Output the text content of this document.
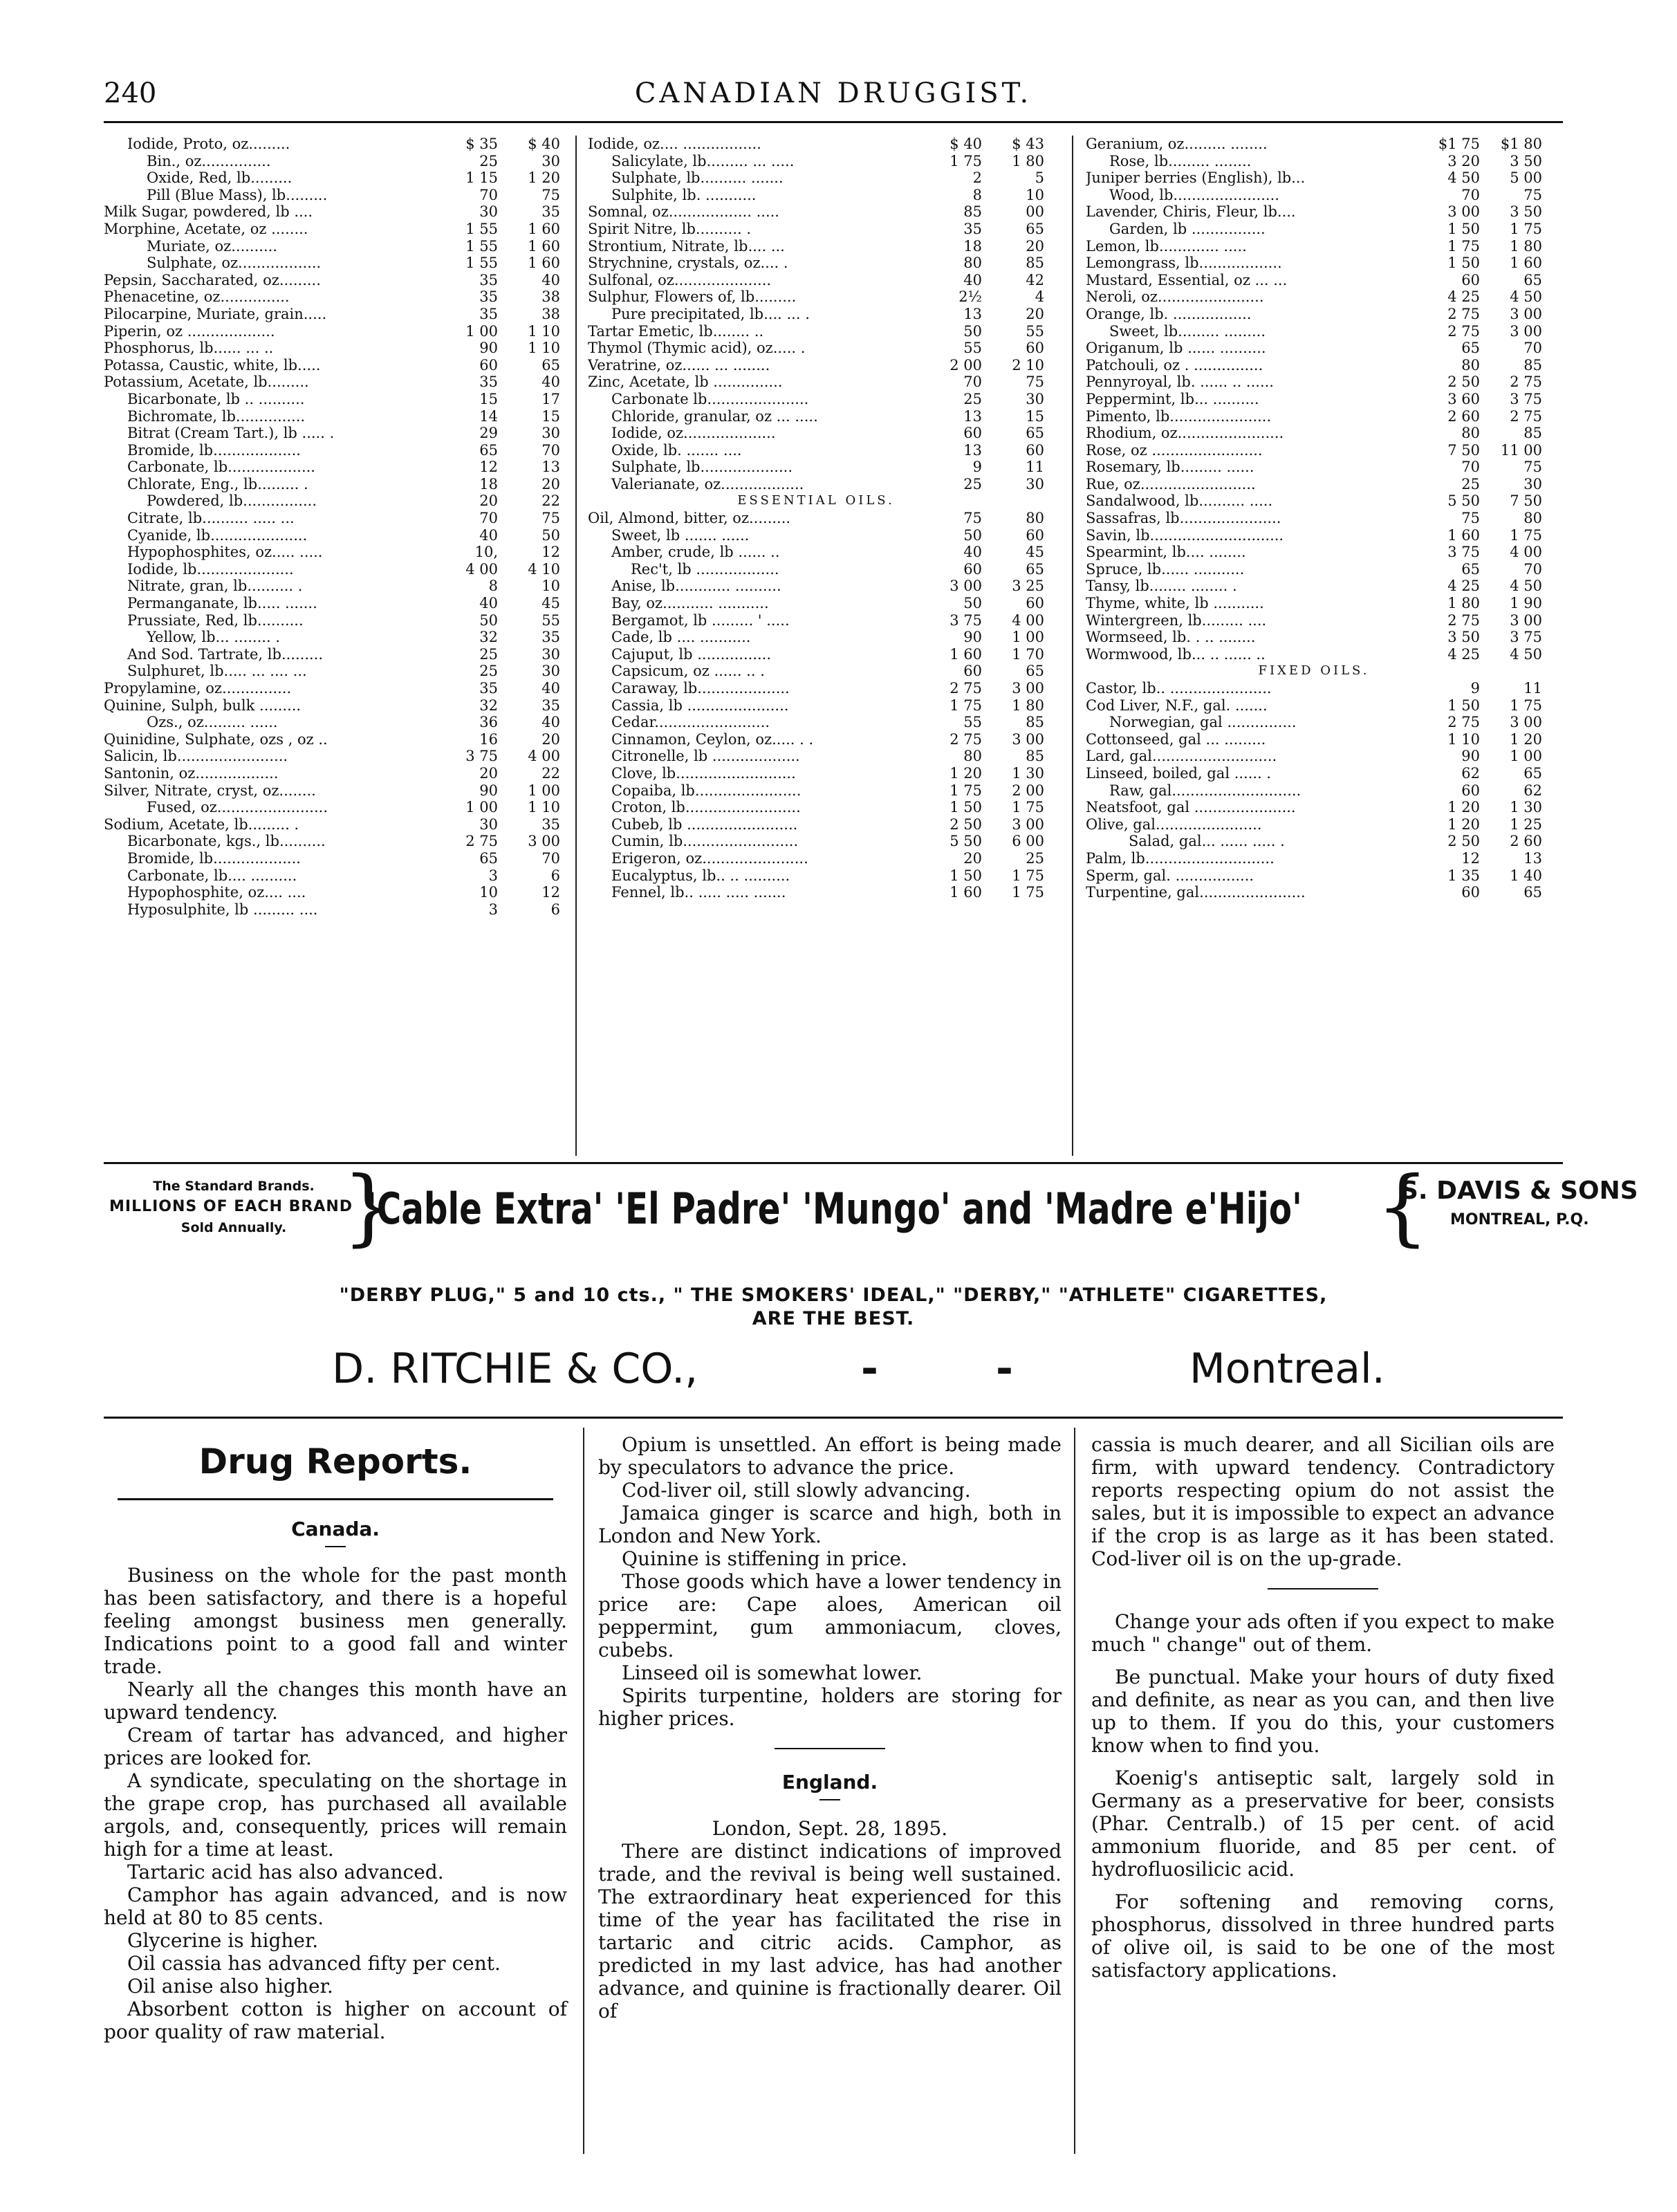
240	CANADIAN DRUGGIST.
Iodide, Proto, oz.........	$ 35	$ 40
Bin., oz...............	25	30
Oxide, Red, lb.........	1 15	1 20
Pill (Blue Mass), lb.........	70	75
Milk Sugar, powdered, lb ....	30	35
Morphine, Acetate, oz ........	1 55	1 60
Muriate, oz..........	1 55	1 60
Sulphate, oz..................	1 55	1 60
Pepsin, Saccharated, oz.........	35	40
Phenacetine, oz...............	35	38
Pilocarpine, Muriate, grain.....	35	38
Piperin, oz ...................	1 00	1 10
Phosphorus, lb...... ... ..	90	1 10
Potassa, Caustic, white, lb.....	60	65
Potassium, Acetate, lb.........	35	40
Bicarbonate, lb .. ..........	15	17
Bichromate, lb...............	14	15
Bitrat (Cream Tart.), lb ..... .	29	30
Bromide, lb...................	65	70
Carbonate, lb...................	12	13
Chlorate, Eng., lb......... .	18	20
Powdered, lb................	20	22
Citrate, lb.......... ..... ...	70	75
Cyanide, lb.....................	40	50
Hypophosphites, oz..... .....	10,	12
Iodide, lb.....................	4 00	4 10
Nitrate, gran, lb.......... .	8	10
Permanganate, lb..... .......	40	45
Prussiate, Red, lb..........	50	55
Yellow, lb... ........ .	32	35
And Sod. Tartrate, lb.........	25	30
Sulphuret, lb..... ... .... ...	25	30
Propylamine, oz...............	35	40
Quinine, Sulph, bulk .........	32	35
Ozs., oz......... ......	36	40
Quinidine, Sulphate, ozs , oz ..	16	20
Salicin, lb........................	3 75	4 00
Santonin, oz..................	20	22
Silver, Nitrate, cryst, oz........	90	1 00
Fused, oz........................	1 00	1 10
Sodium, Acetate, lb......... .	30	35
Bicarbonate, kgs., lb..........	2 75	3 00
Bromide, lb...................	65	70
Carbonate, lb.... ..........	3	6
Hypophosphite, oz.... ....	10	12
Hyposulphite, lb ......... ....	3	6
Iodide, oz.... .................	$ 40	$ 43
Salicylate, lb......... ... .....	1 75	1 80
Sulphate, lb.......... .......	2	5
Sulphite, lb. ...........	8	10
Somnal, oz.................. .....	85	00
Spirit Nitre, lb.......... .	35	65
Strontium, Nitrate, lb.... ...	18	20
Strychnine, crystals, oz.... .	80	85
Sulfonal, oz.....................	40	42
Sulphur, Flowers of, lb.........	2½	4
Pure precipitated, lb.... ... .	13	20
Tartar Emetic, lb........ ..	50	55
Thymol (Thymic acid), oz..... .	55	60
Veratrine, oz...... ... ........	2 00	2 10
Zinc, Acetate, lb ...............	70	75
Carbonate lb......................	25	30
Chloride, granular, oz ... .....	13	15
Iodide, oz....................	60	65
Oxide, lb. ....... ....	13	60
Sulphate, lb....................	9	11
Valerianate, oz..................	25	30
ESSENTIAL OILS.
Oil, Almond, bitter, oz.........	75	80
Sweet, lb ....... ......	50	60
Amber, crude, lb ...... ..	40	45
Rec't, lb ..................	60	65
Anise, lb............ ..........	3 00	3 25
Bay, oz........... ...........	50	60
Bergamot, lb ......... ' .....	3 75	4 00
Cade, lb .... ...........	90	1 00
Cajuput, lb ................	1 60	1 70
Capsicum, oz ...... .. .	60	65
Caraway, lb....................	2 75	3 00
Cassia, lb ......................	1 75	1 80
Cedar.........................	55	85
Cinnamon, Ceylon, oz..... . .	2 75	3 00
Citronelle, lb ...................	80	85
Clove, lb..........................	1 20	1 30
Copaiba, lb.......................	1 75	2 00
Croton, lb.........................	1 50	1 75
Cubeb, lb ........................	2 50	3 00
Cumin, lb.........................	5 50	6 00
Erigeron, oz.......................	20	25
Eucalyptus, lb.. .. ..........	1 50	1 75
Fennel, lb.. ..... ..... .......	1 60	1 75
Geranium, oz......... ........	$1 75	$1 80
Rose, lb......... ........	3 20	3 50
Juniper berries (English), lb...	4 50	5 00
Wood, lb.......................	70	75
Lavender, Chiris, Fleur, lb....	3 00	3 50
Garden, lb ................	1 50	1 75
Lemon, lb............. .....	1 75	1 80
Lemongrass, lb..................	1 50	1 60
Mustard, Essential, oz ... ...	60	65
Neroli, oz.......................	4 25	4 50
Orange, lb. .................	2 75	3 00
Sweet, lb......... .........	2 75	3 00
Origanum, lb ...... ..........	65	70
Patchouli, oz . ...............	80	85
Pennyroyal, lb. ...... .. ......	2 50	2 75
Peppermint, lb... ..........	3 60	3 75
Pimento, lb......................	2 60	2 75
Rhodium, oz.......................	80	85
Rose, oz ........................	7 50	11 00
Rosemary, lb......... ......	70	75
Rue, oz.........................	25	30
Sandalwood, lb.......... .....	5 50	7 50
Sassafras, lb......................	75	80
Savin, lb.............................	1 60	1 75
Spearmint, lb.... ........	3 75	4 00
Spruce, lb...... ...........	65	70
Tansy, lb........ ........ .	4 25	4 50
Thyme, white, lb ...........	1 80	1 90
Wintergreen, lb......... ....	2 75	3 00
Wormseed, lb. . .. ........	3 50	3 75
Wormwood, lb... .. ...... ..	4 25	4 50
FIXED OILS.
Castor, lb.. ......................	9	11
Cod Liver, N.F., gal. .......	1 50	1 75
Norwegian, gal ...............	2 75	3 00
Cottonseed, gal ... .........	1 10	1 20
Lard, gal...........................	90	1 00
Linseed, boiled, gal ...... .	62	65
Raw, gal............................	60	62
Neatsfoot, gal ......................	1 20	1 30
Olive, gal.......................	1 20	1 25
Salad, gal... ...... ..... .	2 50	2 60
Palm, lb............................	12	13
Sperm, gal. .................	1 35	1 40
Turpentine, gal.......................	60	65
The Standard Brands.
MILLIONS OF EACH BRAND
Sold Annually. }
'Cable Extra' 'El Padre' 'Mungo' and 'Madre e'Hijo' {
S. DAVIS & SONS
MONTREAL, P.Q.
"DERBY PLUG," 5 and 10 cts., " THE SMOKERS' IDEAL," "DERBY," "ATHLETE" CIGARETTES,
ARE THE BEST.
D. RITCHIE & CO.,	-	-	Montreal.
Drug Reports.
Canada.

Business on the whole for the past month has been satisfactory, and there is a hopeful feeling amongst business men generally. Indications point to a good fall and winter trade.

Nearly all the changes this month have an upward tendency.

Cream of tartar has advanced, and higher prices are looked for.

A syndicate, speculating on the shortage in the grape crop, has purchased all available argols, and, consequently, prices will remain high for a time at least.

Tartaric acid has also advanced.

Camphor has again advanced, and is now held at 80 to 85 cents.

Glycerine is higher.

Oil cassia has advanced fifty per cent.

Oil anise also higher.

Absorbent cotton is higher on account of poor quality of raw material.

Opium is unsettled. An effort is being made by speculators to advance the price.

Cod-liver oil, still slowly advancing.

Jamaica ginger is scarce and high, both in London and New York.

Quinine is stiffening in price.

Those goods which have a lower tendency in price are: Cape aloes, American oil peppermint, gum ammoniacum, cloves, cubebs.

Linseed oil is somewhat lower.

Spirits turpentine, holders are storing for higher prices.

England.

London, Sept. 28, 1895.

There are distinct indications of improved trade, and the revival is being well sustained. The extraordinary heat experienced for this time of the year has facilitated the rise in tartaric and citric acids. Camphor, as predicted in my last advice, has had another advance, and quinine is fractionally dearer. Oil of

cassia is much dearer, and all Sicilian oils are firm, with upward tendency. Contradictory reports respecting opium do not assist the sales, but it is impossible to expect an advance if the crop is as large as it has been stated. Cod-liver oil is on the up-grade.

Change your ads often if you expect to make much " change" out of them.

Be punctual. Make your hours of duty fixed and definite, as near as you can, and then live up to them. If you do this, your customers know when to find you.

Koenig's antiseptic salt, largely sold in Germany as a preservative for beer, consists (Phar. Centralb.) of 15 per cent. of acid ammonium fluoride, and 85 per cent. of hydrofluosilicic acid.

For softening and removing corns, phosphorus, dissolved in three hundred parts of olive oil, is said to be one of the most satisfactory applications.
